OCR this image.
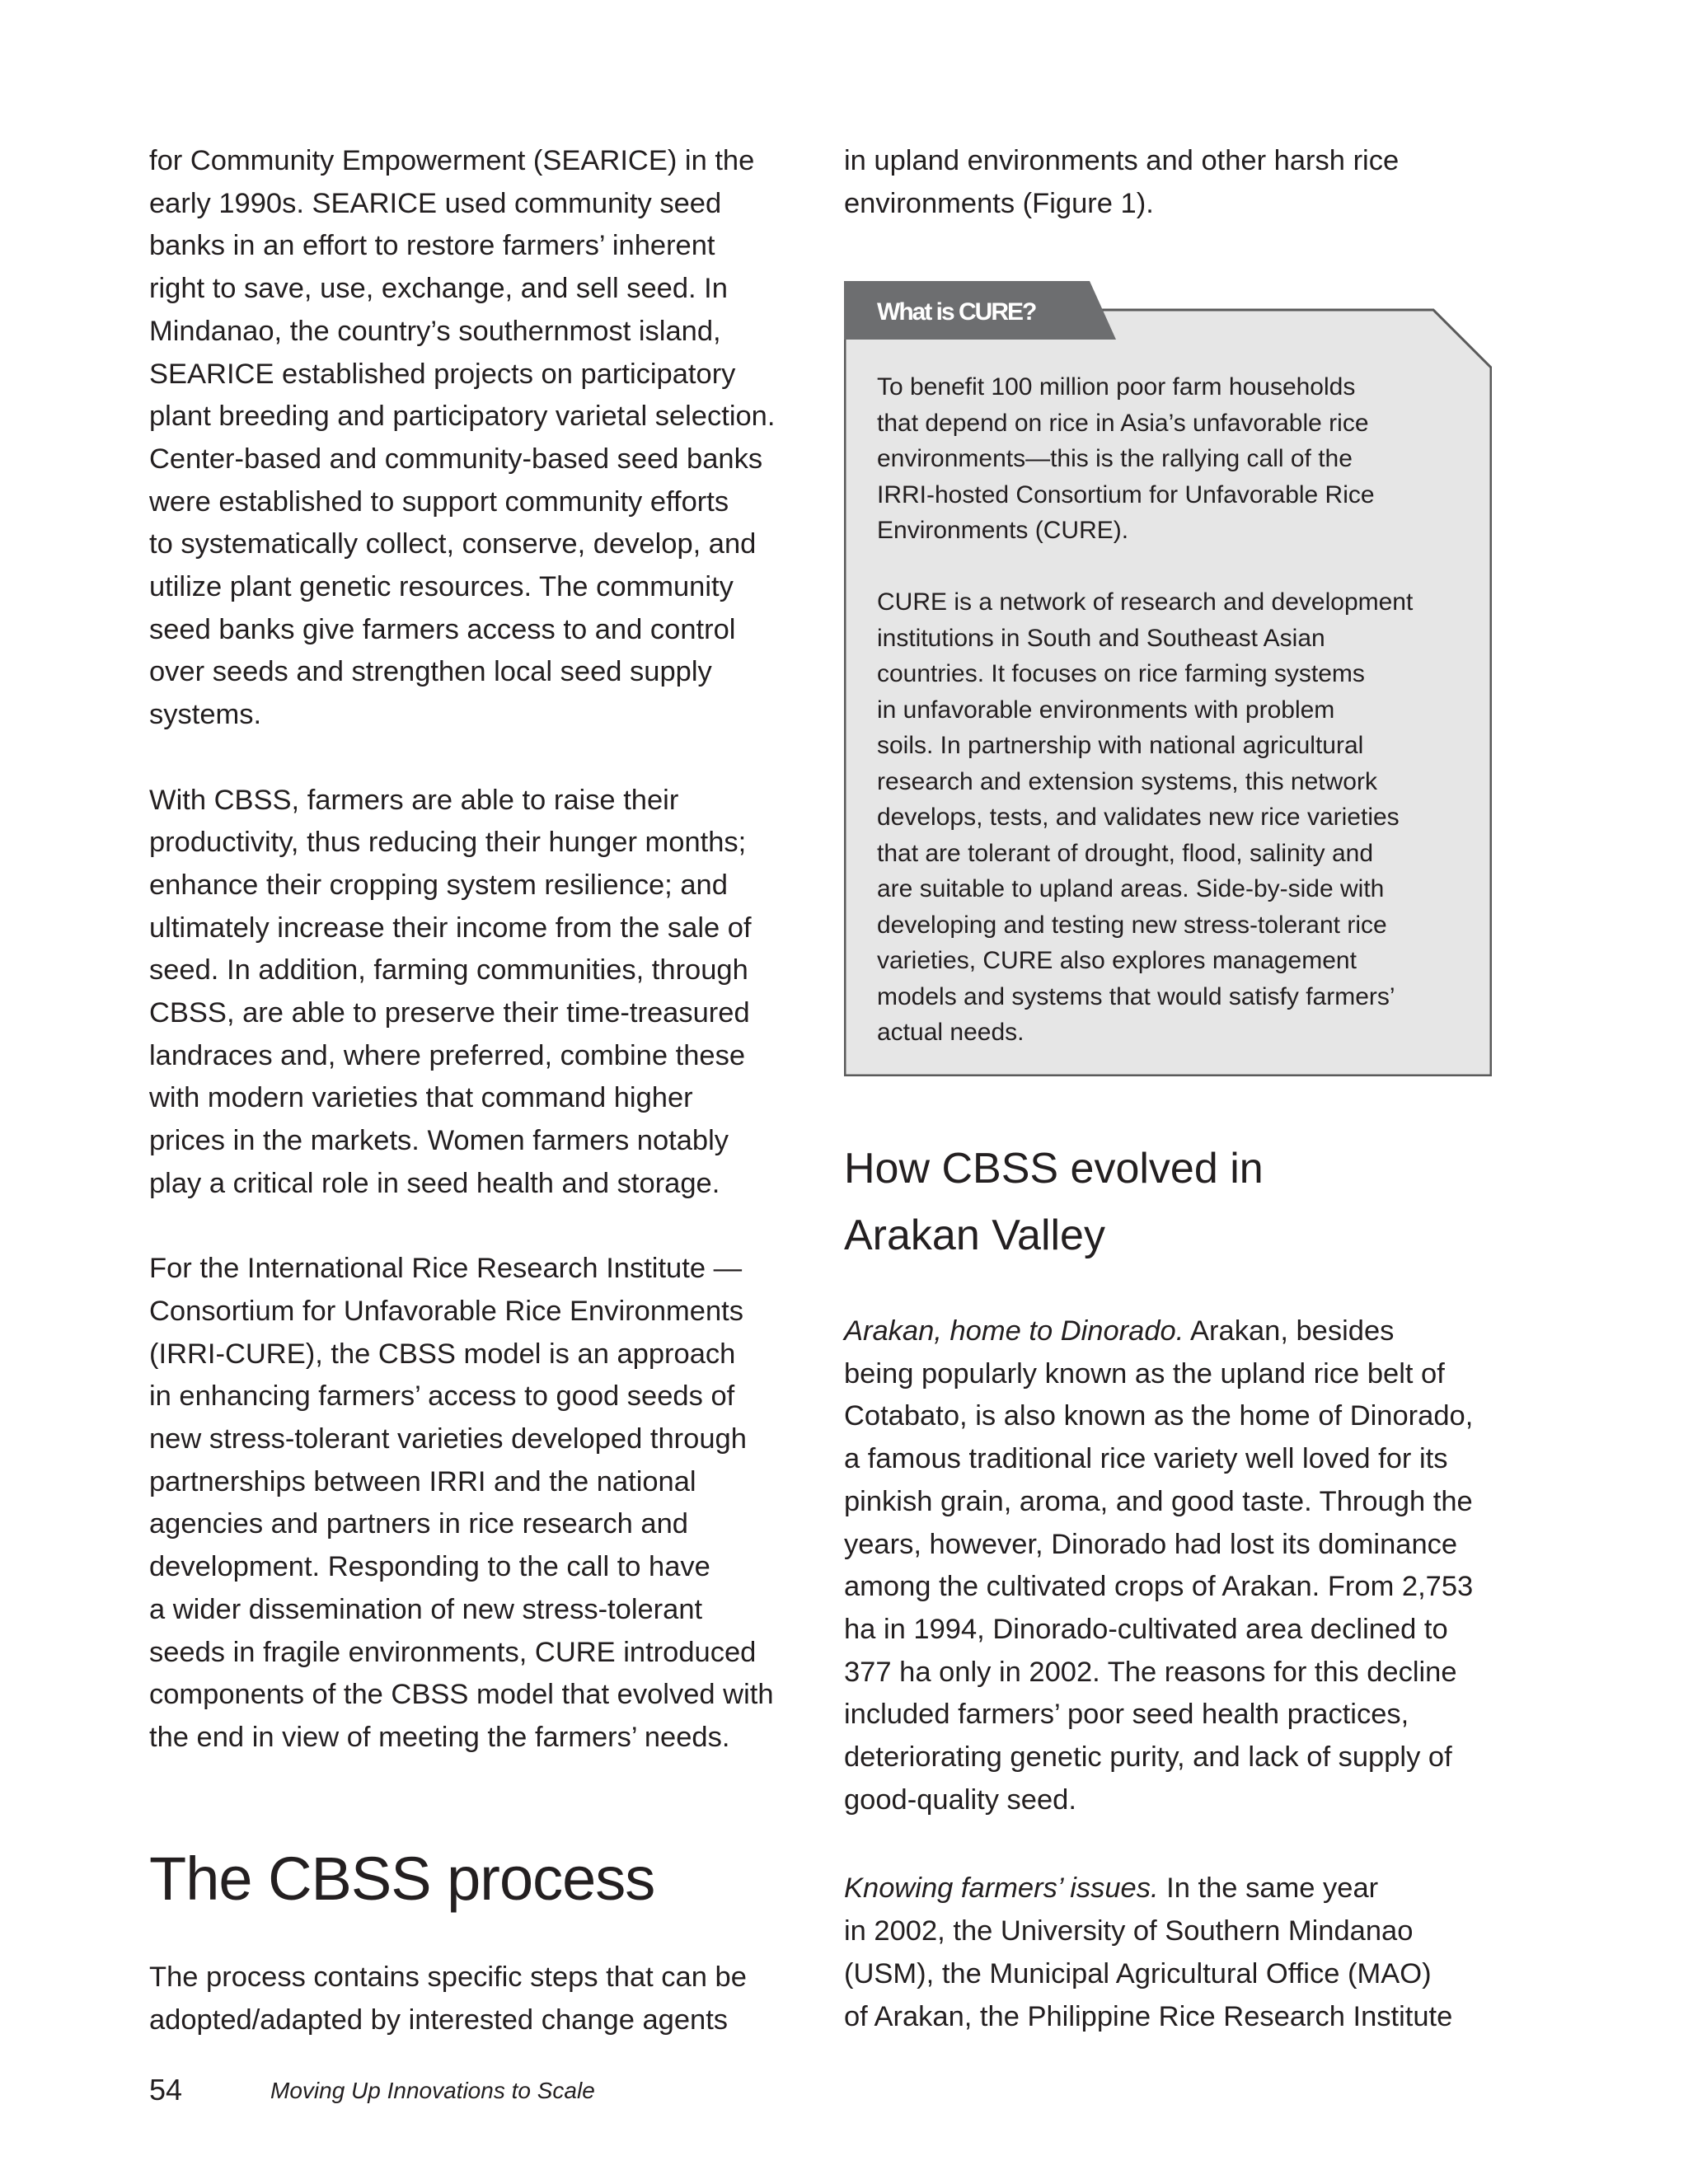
for Community Empowerment (SEARICE) in the
early 1990s. SEARICE used community seed
banks in an effort to restore farmers’ inherent
right to save, use, exchange, and sell seed. In
Mindanao, the country’s southernmost island,
SEARICE established projects on participatory
plant breeding and participatory varietal selection.
Center-based and community-based seed banks
were established to support community efforts
to systematically collect, conserve, develop, and
utilize plant genetic resources. The community
seed banks give farmers access to and control
over seeds and strengthen local seed supply
systems.
With CBSS, farmers are able to raise their
productivity, thus reducing their hunger months;
enhance their cropping system resilience; and
ultimately increase their income from the sale of
seed. In addition, farming communities, through
CBSS, are able to preserve their time-treasured
landraces and, where preferred, combine these
with modern varieties that command higher
prices in the markets. Women farmers notably
play a critical role in seed health and storage.
For the International Rice Research Institute —
Consortium for Unfavorable Rice Environments
(IRRI-CURE), the CBSS model is an approach
in enhancing farmers’ access to good seeds of
new stress-tolerant varieties developed through
partnerships between IRRI and the national
agencies and partners in rice research and
development. Responding to the call to have
a wider dissemination of new stress-tolerant
seeds in fragile environments, CURE introduced
components of the CBSS model that evolved with
the end in view of meeting the farmers’ needs.
The CBSS process
The process contains specific steps that can be
adopted/adapted by interested change agents
in upland environments and other harsh rice
environments (Figure 1).
What is CURE?
To benefit 100 million poor farm households
that depend on rice in Asia’s unfavorable rice
environments—this is the rallying call of the
IRRI-hosted Consortium for Unfavorable Rice
Environments (CURE).
CURE is a network of research and development
institutions in South and Southeast Asian
countries. It focuses on rice farming systems
in unfavorable environments with problem
soils. In partnership with national agricultural
research and extension systems, this network
develops, tests, and validates new rice varieties
that are tolerant of drought, flood, salinity and
are suitable to upland areas. Side-by-side with
developing and testing new stress-tolerant rice
varieties, CURE also explores management
models and systems that would satisfy farmers’
actual needs.
How CBSS evolved in
Arakan Valley
Arakan, home to Dinorado. Arakan, besides
being popularly known as the upland rice belt of
Cotabato, is also known as the home of Dinorado,
a famous traditional rice variety well loved for its
pinkish grain, aroma, and good taste. Through the
years, however, Dinorado had lost its dominance
among the cultivated crops of Arakan. From 2,753
ha in 1994, Dinorado-cultivated area declined to
377 ha only in 2002. The reasons for this decline
included farmers’ poor seed health practices,
deteriorating genetic purity, and lack of supply of
good-quality seed.
Knowing farmers’ issues. In the same year
in 2002, the University of Southern Mindanao
(USM), the Municipal Agricultural Office (MAO)
of Arakan, the Philippine Rice Research Institute
54	Moving Up Innovations to Scale
